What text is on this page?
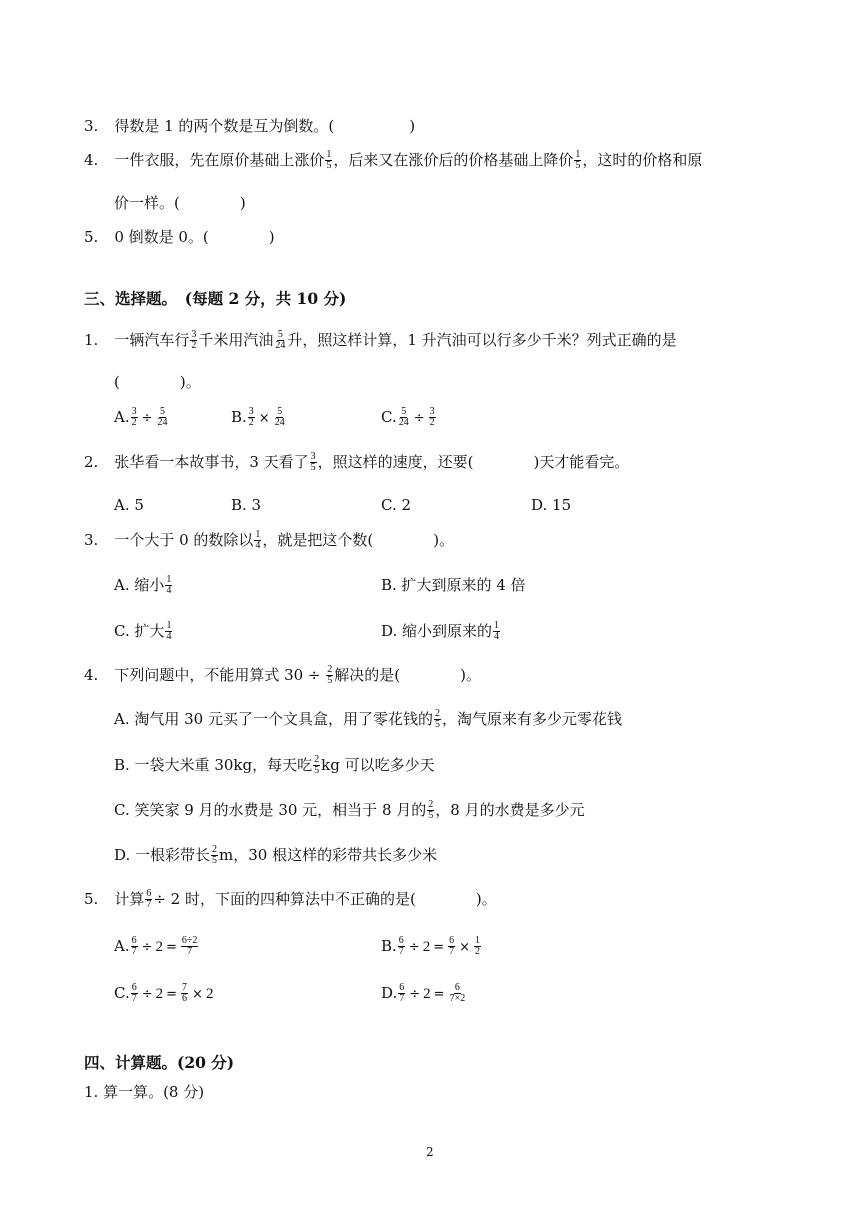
3. 得数是 1 的两个数是互为倒数。(　　　　　)
4. 一件衣服，先在原价基础上涨价 $\frac{1}{5}$ ，后来又在涨价后的价格基础上降价 $\frac{1}{5}$ ，这时的价格和原
价一样。(　　　　)
5. 0 倒数是 0。(　　　　)
三、选择题。　(每题 2 分，共 10 分)
1. 一辆汽车行 $\frac{3}{2}$ 千米用汽油 $\frac{5}{24}$ 升，照这样计算，1 升汽油可以行多少千米？列式正确的是
(　　　　)。
A. $\frac{3}{2} \div \frac{5}{24}$	B. $\frac{3}{2} \times \frac{5}{24}$	C. $\frac{5}{24} \div \frac{3}{2}$
2. 张华看一本故事书，3 天看了 $\frac{3}{5}$ ，照这样的速度，还要(　　　　)天才能看完。
A. 5	B. 3	C. 2	D. 15
3. 一个大于 0 的数除以 $\frac{1}{4}$ ，就是把这个数(　　　　)。
A. 缩小 $\frac{1}{4}$	B. 扩大到原来的 4 倍
C. 扩大 $\frac{1}{4}$	D. 缩小到原来的 $\frac{1}{4}$
4. 下列问题中，不能用算式 $30 \div \frac{2}{5}$ 解决的是(　　　　)。
A. 淘气用 30 元买了一个文具盒，用了零花钱的 $\frac{2}{5}$ ，淘气原来有多少元零花钱
B. 一袋大米重 30kg，每天吃 $\frac{2}{5}$ kg 可以吃多少天
C. 笑笑家 9 月的水费是 30 元，相当于 8 月的 $\frac{2}{5}$ ，8 月的水费是多少元
D. 一根彩带长 $\frac{2}{5}$ m，30 根这样的彩带共长多少米
5. 计算 $\frac{6}{7} \div 2$ 时，下面的四种算法中不正确的是(　　　　)。
A. $\frac{6}{7} \div 2 = \frac{6\div 2}{7}$	B. $\frac{6}{7} \div 2 = \frac{6}{7} \times \frac{1}{2}$
C. $\frac{6}{7} \div 2 = \frac{7}{6} \times 2$	D. $\frac{6}{7} \div 2 = \frac{6}{7\times 2}$
四、计算题。(20 分)
1. 算一算。(8 分)
2
